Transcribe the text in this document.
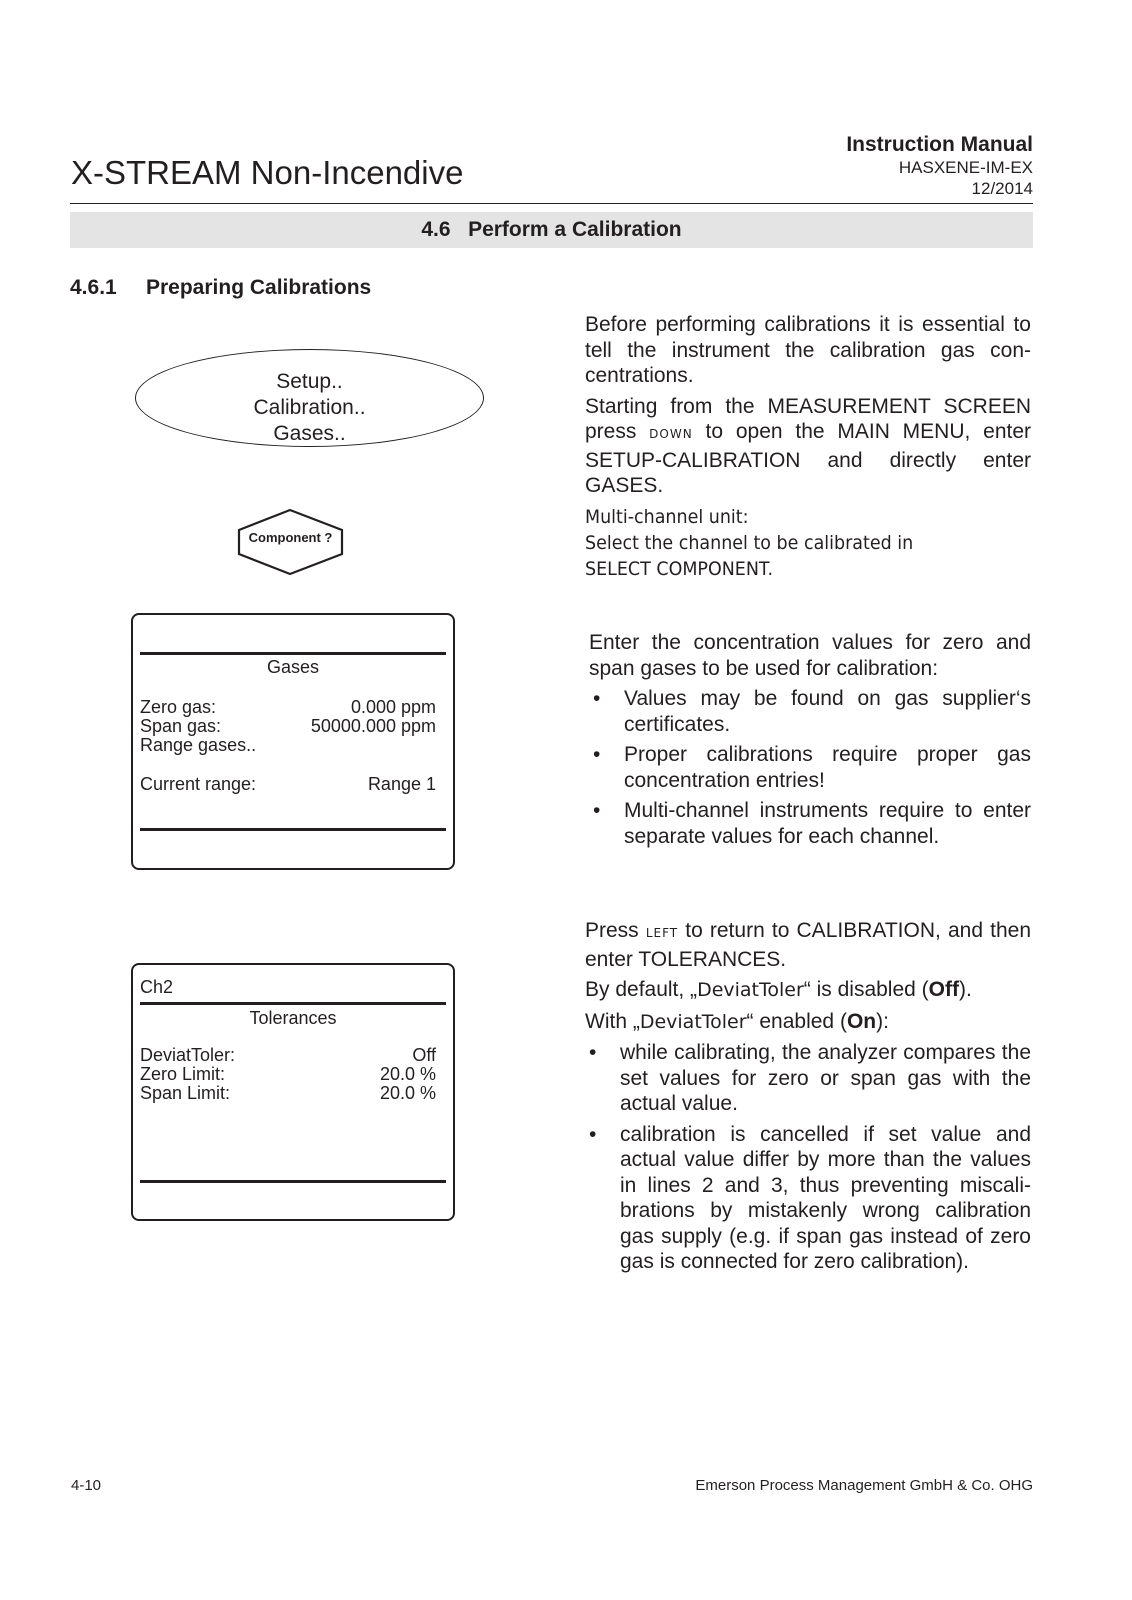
X-STREAM Non-Incendive
Instruction Manual
HASXENE-IM-EX
12/2014
4.6 Perform a Calibration
4.6.1 Preparing Calibrations
Setup..
Calibration..
Gases..
Component ?
Gases
Zero gas:	0.000 ppm
Span gas:	50000.000 ppm
Range gases..
Current range:	Range 1
Ch2
Tolerances
DeviatToler:	Off
Zero Limit:	20.0 %
Span Limit:	20.0 %

Before performing calibrations it is essential to tell the instrument the calibration gas con-centrations.

Starting from the MEASUREMENT SCREEN press DOWN to open the MAIN MENU, enter SETUP-CALIBRATION and directly enter GASES.

Multi-channel unit:
Select the channel to be calibrated in
SELECT COMPONENT.

Enter the concentration values for zero and span gases to be used for calibration:

• Values may be found on gas supplier‘s certificates.
• Proper calibrations require proper gas concentration entries!
• Multi-channel instruments require to enter separate values for each channel.

Press LEFT to return to CALIBRATION, and then enter TOLERANCES.

By default, „DeviatToler“ is disabled (Off).

With „DeviatToler“ enabled (On):

• while calibrating, the analyzer compares the set values for zero or span gas with the actual value.
• calibration is cancelled if set value and actual value differ by more than the values in lines 2 and 3, thus preventing miscali-brations by mistakenly wrong calibration gas supply (e.g. if span gas instead of zero gas is connected for zero calibration).
4-10	Emerson Process Management GmbH & Co. OHG
